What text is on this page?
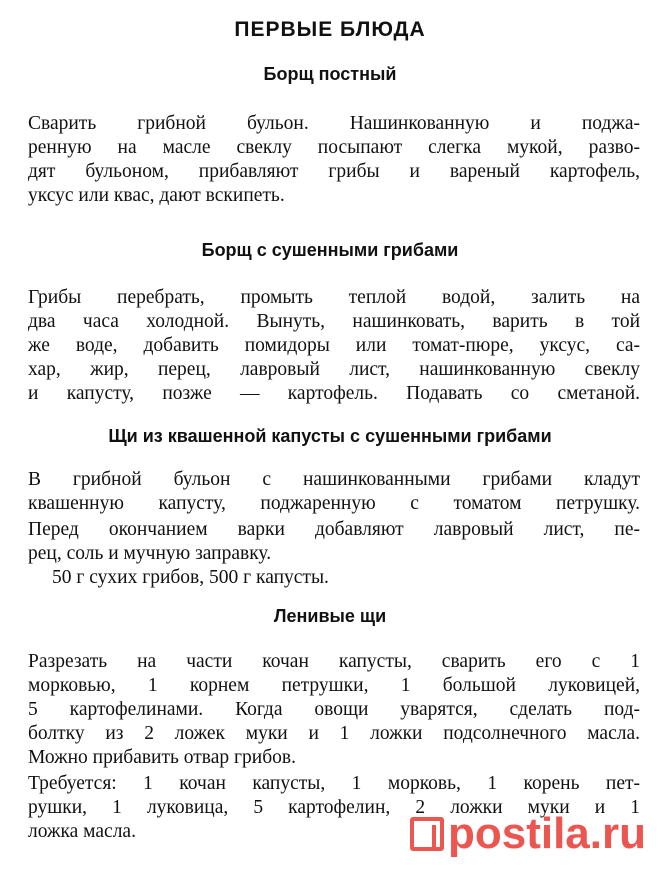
ПЕРВЫЕ БЛЮДА
Борщ постный
Сварить грибной бульон. Нашинкованную и поджа-
ренную на масле свеклу посыпают слегка мукой, разво-
дят бульоном, прибавляют грибы и вареный картофель,
уксус или квас, дают вскипеть.
Борщ с сушенными грибами
Грибы перебрать, промыть теплой водой, залить на
два часа холодной. Вынуть, нашинковать, варить в той
же воде, добавить помидоры или томат-пюре, уксус, са-
хар, жир, перец, лавровый лист, нашинкованную свеклу
и капусту, позже — картофель. Подавать со сметаной.
Щи из квашенной капусты с сушенными грибами
В грибной бульон с нашинкованными грибами кладут
квашенную капусту, поджаренную с томатом петрушку.
Перед окончанием варки добавляют лавровый лист, пе-
рец, соль и мучную заправку.
50 г сухих грибов, 500 г капусты.
Ленивые щи
Разрезать на части кочан капусты, сварить его с 1
морковью, 1 корнем петрушки, 1 большой луковицей,
5 картофелинами. Когда овощи уварятся, сделать под-
болтку из 2 ложек муки и 1 ложки подсолнечного масла.
Можно прибавить отвар грибов.
Требуется: 1 кочан капусты, 1 морковь, 1 корень пет-
рушки, 1 луковица, 5 картофелин, 2 ложки муки и 1
ложка масла.	postila.ru
